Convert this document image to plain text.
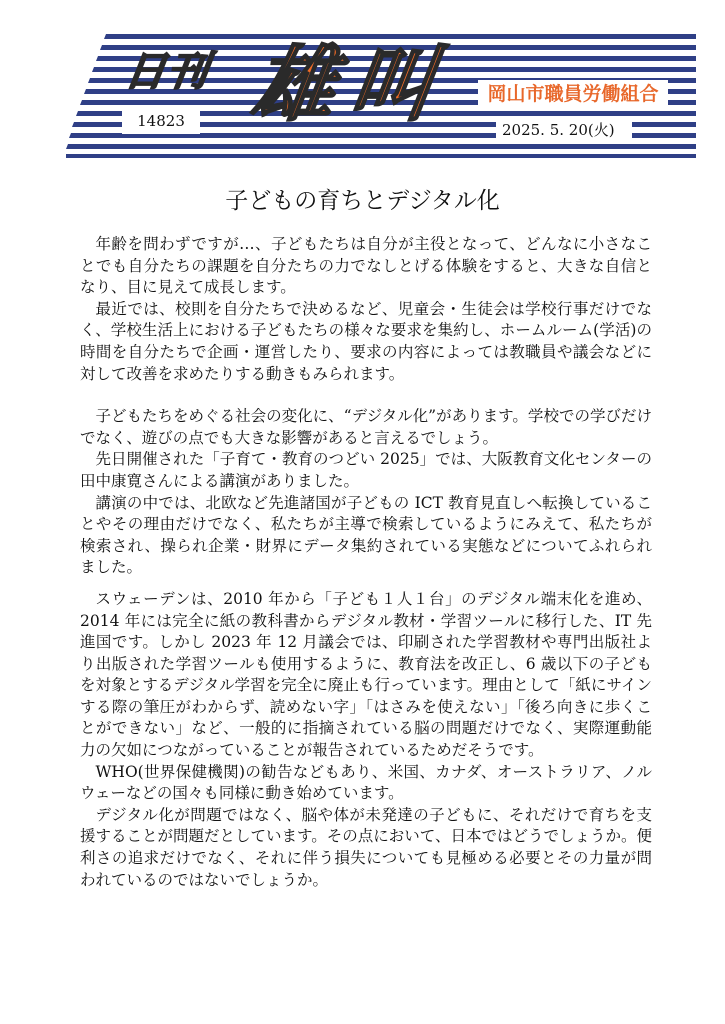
日刊 雄叫
14823
岡山市職員労働組合
2025. 5. 20(火)
子どもの育ちとデジタル化

年齢を問わずですが…、子どもたちは自分が主役となって、どんなに小さなことでも自分たちの課題を自分たちの力でなしとげる体験をすると、大きな自信となり、目に見えて成長します。

最近では、校則を自分たちで決めるなど、児童会・生徒会は学校行事だけでなく、学校生活上における子どもたちの様々な要求を集約し、ホームルーム(学活)の時間を自分たちで企画・運営したり、要求の内容によっては教職員や議会などに対して改善を求めたりする動きもみられます。

子どもたちをめぐる社会の変化に、“デジタル化”があります。学校での学びだけでなく、遊びの点でも大きな影響があると言えるでしょう。

先日開催された「子育て・教育のつどい 2025」では、大阪教育文化センターの田中康寛さんによる講演がありました。

講演の中では、北欧など先進諸国が子どもの ICT 教育見直しへ転換していることやその理由だけでなく、私たちが主導で検索しているようにみえて、私たちが検索され、操られ企業・財界にデータ集約されている実態などについてふれられました。

スウェーデンは、2010 年から「子ども１人１台」のデジタル端末化を進め、2014 年には完全に紙の教科書からデジタル教材・学習ツールに移行した、IT 先進国です。しかし 2023 年 12 月議会では、印刷された学習教材や専門出版社より出版された学習ツールも使用するように、教育法を改正し、6 歳以下の子どもを対象とするデジタル学習を完全に廃止も行っています。理由として「紙にサインする際の筆圧がわからず、読めない字」「はさみを使えない」「後ろ向きに歩くことができない」など、一般的に指摘されている脳の問題だけでなく、実際運動能力の欠如につながっていることが報告されているためだそうです。

WHO(世界保健機関)の勧告などもあり、米国、カナダ、オーストラリア、ノルウェーなどの国々も同様に動き始めています。

デジタル化が問題ではなく、脳や体が未発達の子どもに、それだけで育ちを支援することが問題だとしています。その点において、日本ではどうでしょうか。便利さの追求だけでなく、それに伴う損失についても見極める必要とその力量が問われているのではないでしょうか。
